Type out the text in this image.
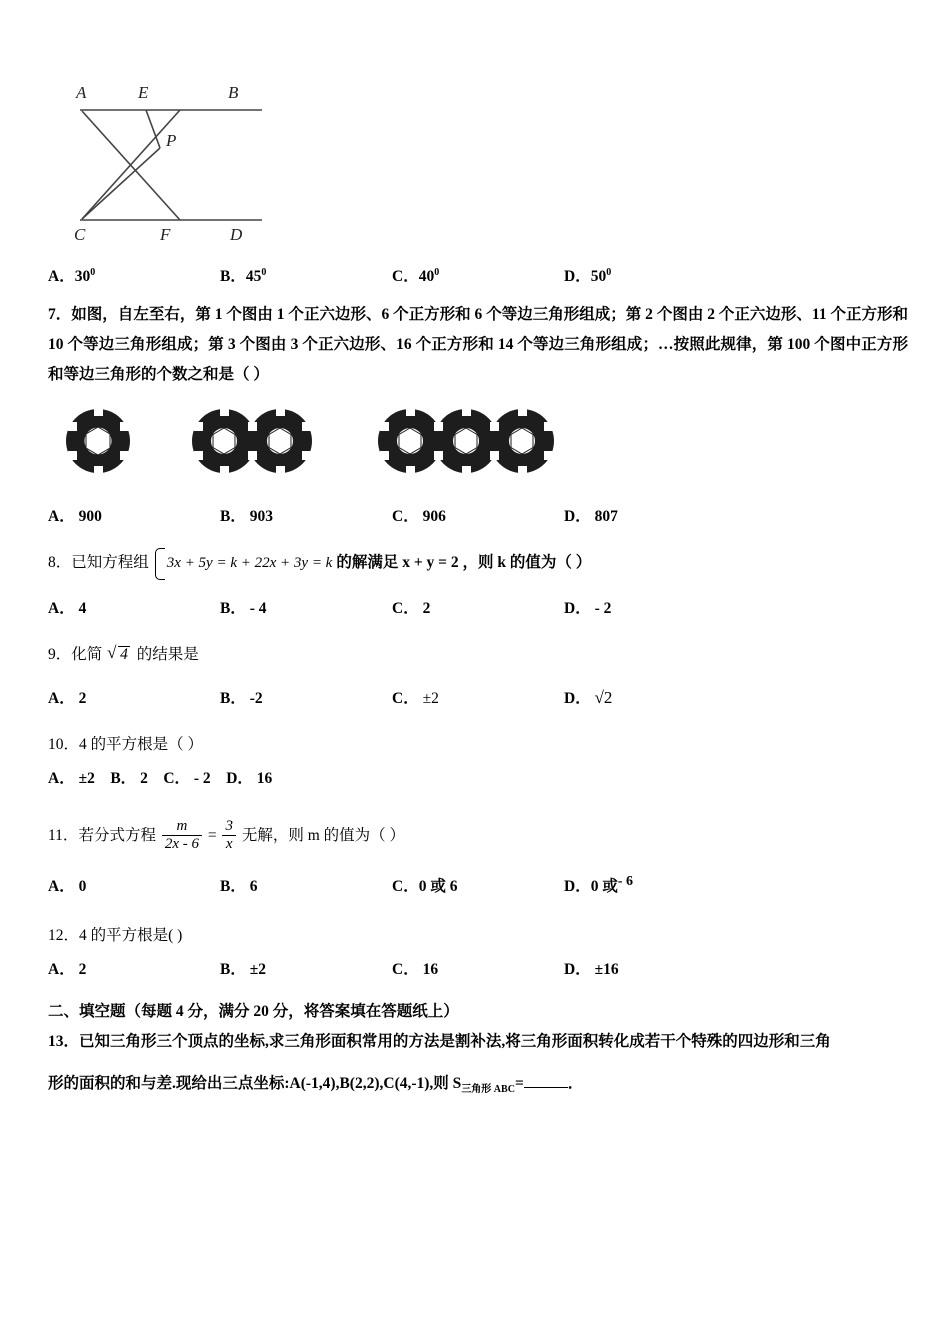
A	E	B
P
C	F	D
A．$30^0$	B．$45^0$	C．$40^0$	D．$50^0$
7．如图，自左至右，第 1 个图由 1 个正六边形、6 个正方形和 6 个等边三角形组成；第 2 个图由 2 个正六边形、11 个正方形和 10 个等边三角形组成；第 3 个图由 3 个正六边形、16 个正方形和 14 个等边三角形组成；…按照此规律，第 100 个图中正方形和等边三角形的个数之和是（ ）
A． 900	B． 903	C． 906	D． 807
8．已知方程组 3x + 5y = k + 22x + 3y = k 的解满足 x + y = 2 ，则 k 的值为（ ）
A． 4	B． - 4	C． 2	D． - 2
9．化简 √ 4 的结果是
A． 2	B． -2	C． ±2	D． √2
10．4 的平方根是（ ）
A． ±2 B． 2 C． - 2 D． 16
11．若分式方程 $\frac{m}{2x - 6} = \frac{3}{x}$ 无解，则 m 的值为（ ）
A． 0	B． 6	C．0 或 6	D．0 或- 6
12．4 的平方根是( )
A． 2	B． ±2	C． 16	D． ±16
二、填空题（每题 4 分，满分 20 分，将答案填在答题纸上）
13．已知三角形三个顶点的坐标,求三角形面积常用的方法是割补法,将三角形面积转化成若干个特殊的四边形和三角
形的面积的和与差.现给出三点坐标:A(-1,4),B(2,2),C(4,-1),则 $S_{三角形 ABC}=$	．
